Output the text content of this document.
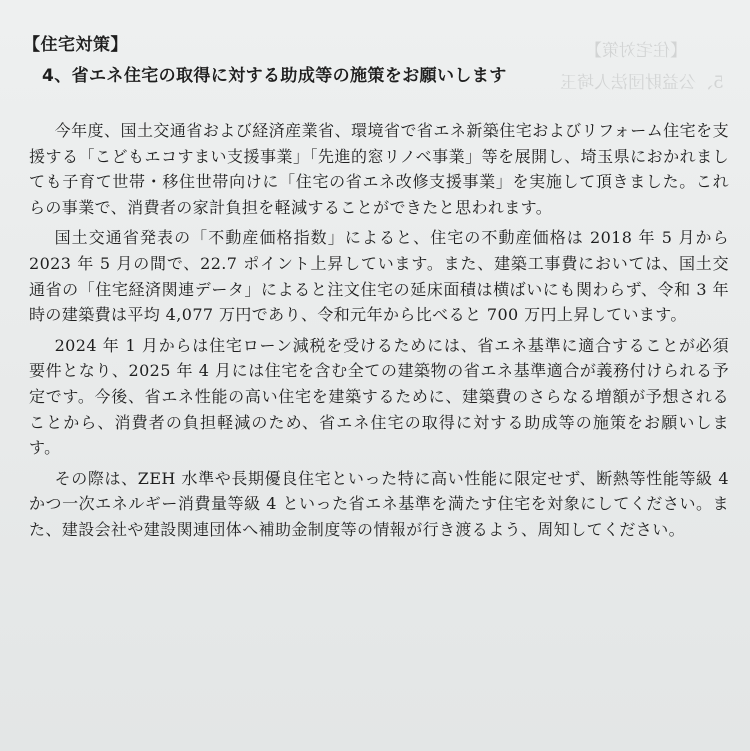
【住宅対策】
5、公益財団法人埼玉
【住宅対策】
4、省エネ住宅の取得に対する助成等の施策をお願いします

今年度、国土交通省および経済産業省、環境省で省エネ新築住宅およびリフォーム住宅を支援する「こどもエコすまい支援事業」「先進的窓リノベ事業」等を展開し、埼玉県におかれましても子育て世帯・移住世帯向けに「住宅の省エネ改修支援事業」を実施して頂きました。これらの事業で、消費者の家計負担を軽減することができたと思われます。

国土交通省発表の「不動産価格指数」によると、住宅の不動産価格は 2018 年 5 月から 2023 年 5 月の間で、22.7 ポイント上昇しています。また、建築工事費においては、国土交通省の「住宅経済関連データ」によると注文住宅の延床面積は横ばいにも関わらず、令和 3 年時の建築費は平均 4,077 万円であり、令和元年から比べると 700 万円上昇しています。

2024 年 1 月からは住宅ローン減税を受けるためには、省エネ基準に適合することが必須要件となり、2025 年 4 月には住宅を含む全ての建築物の省エネ基準適合が義務付けられる予定です。今後、省エネ性能の高い住宅を建築するために、建築費のさらなる増額が予想されることから、消費者の負担軽減のため、省エネ住宅の取得に対する助成等の施策をお願いします。

その際は、ZEH 水準や長期優良住宅といった特に高い性能に限定せず、断熱等性能等級 4 かつ一次エネルギー消費量等級 4 といった省エネ基準を満たす住宅を対象にしてください。また、建設会社や建設関連団体へ補助金制度等の情報が行き渡るよう、周知してください。
